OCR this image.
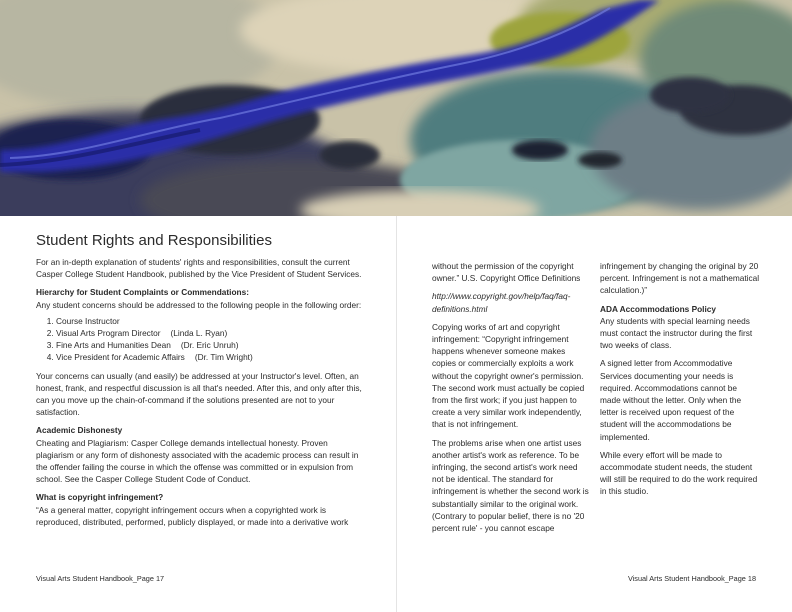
Student Rights and Responsibilities

For an in-depth explanation of students' rights and responsibilities, consult the current Casper College Student Handbook, published by the Vice President of Student Services.

Hierarchy for Student Complaints or Commendations:

Any student concerns should be addressed to the following people in the following order:

1. Course Instructor
2. Visual Arts Program Director (Linda L. Ryan)
3. Fine Arts and Humanities Dean (Dr. Eric Unruh)
4. Vice President for Academic Affairs (Dr. Tim Wright)

Your concerns can usually (and easily) be addressed at your Instructor's level. Often, an honest, frank, and respectful discussion is all that's needed. After this, and only after this, can you move up the chain-of-command if the solutions presented are not to your satisfaction.

Academic Dishonesty

Cheating and Plagiarism: Casper College demands intellectual honesty. Proven plagiarism or any form of dishonesty associated with the academic process can result in the offender failing the course in which the offense was committed or in expulsion from school. See the Casper College Student Code of Conduct.

What is copyright infringement?

“As a general matter, copyright infringement occurs when a copyrighted work is reproduced, distributed, performed, publicly displayed, or made into a derivative work

Visual Arts Student Handbook_Page 17

without the permission of the copyright owner.” U.S. Copyright Office Definitions

http://www.copyright.gov/help/faq/faq-definitions.html

Copying works of art and copyright infringement: “Copyright infringement happens whenever someone makes copies or commercially exploits a work without the copyright owner's permission. The second work must actually be copied from the first work; if you just happen to create a very similar work independently, that is not infringement.

The problems arise when one artist uses another artist's work as reference. To be infringing, the second artist's work need not be identical. The standard for infringement is whether the second work is substantially similar to the original work. (Contrary to popular belief, there is no '20 percent rule' - you cannot escape

infringement by changing the original by 20 percent. Infringement is not a mathematical calculation.)”

ADA Accommodations Policy

Any students with special learning needs must contact the instructor during the first two weeks of class.

A signed letter from Accommodative Services documenting your needs is required. Accommodations cannot be made without the letter. Only when the letter is received upon request of the student will the accommodations be implemented.

While every effort will be made to accommodate student needs, the student will still be required to do the work required in this studio.

Visual Arts Student Handbook_Page 18
